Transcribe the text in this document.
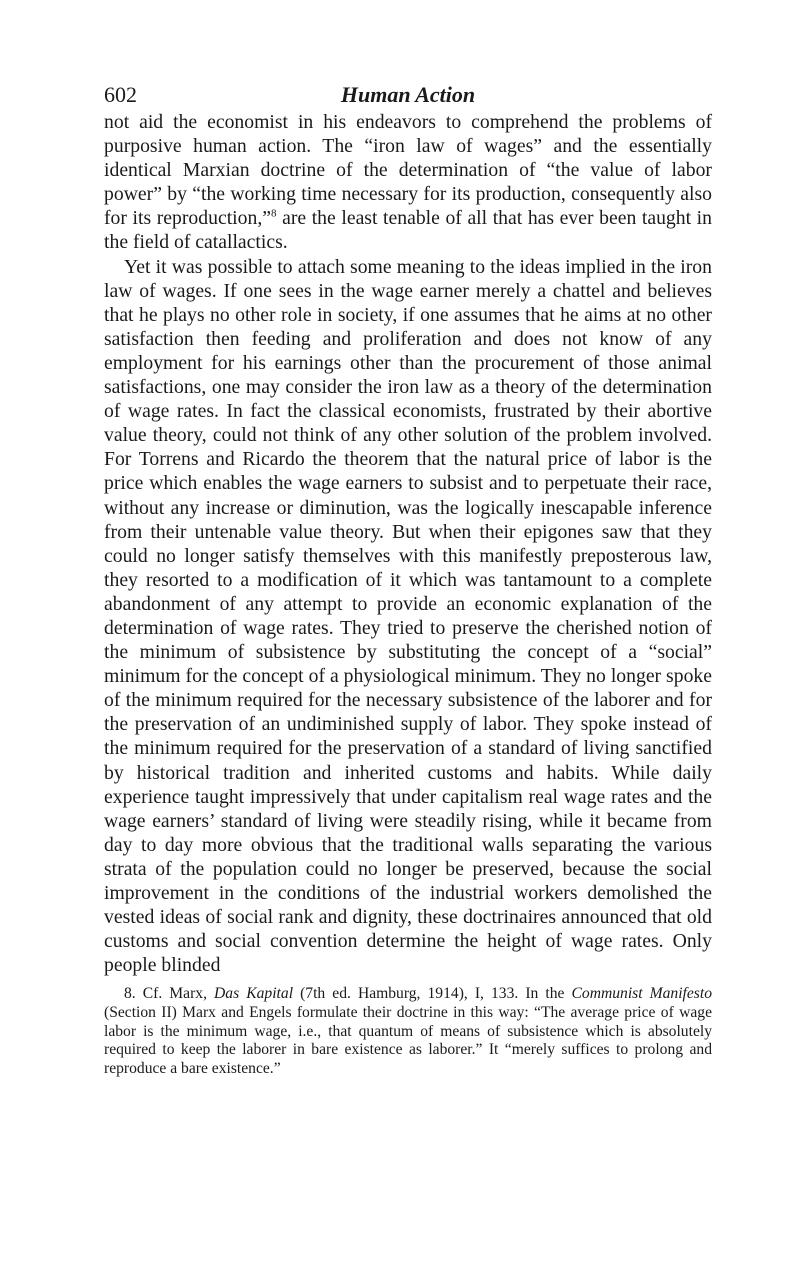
602	Human Action

not aid the economist in his endeavors to comprehend the problems of purposive human action. The “iron law of wages” and the essentially identical Marxian doctrine of the determination of “the value of labor power” by “the working time necessary for its production, consequently also for its reproduction,”$^8$ are the least tenable of all that has ever been taught in the field of catallactics.

Yet it was possible to attach some meaning to the ideas implied in the iron law of wages. If one sees in the wage earner merely a chattel and believes that he plays no other role in society, if one assumes that he aims at no other satisfaction then feeding and proliferation and does not know of any employment for his earnings other than the procurement of those animal satisfactions, one may consider the iron law as a theory of the determination of wage rates. In fact the classical economists, frustrated by their abortive value theory, could not think of any other solution of the problem involved. For Torrens and Ricardo the theorem that the natural price of labor is the price which enables the wage earners to subsist and to perpetuate their race, without any increase or diminution, was the logically inescapable inference from their untenable value theory. But when their epigones saw that they could no longer satisfy themselves with this manifestly preposterous law, they resorted to a modification of it which was tantamount to a complete abandonment of any attempt to provide an economic explanation of the determination of wage rates. They tried to preserve the cherished notion of the minimum of subsistence by substituting the concept of a “social” minimum for the concept of a physiological minimum. They no longer spoke of the minimum required for the necessary subsistence of the laborer and for the preservation of an undiminished supply of labor. They spoke instead of the minimum required for the preservation of a standard of living sanctified by historical tradition and inherited customs and habits. While daily experience taught impressively that under capitalism real wage rates and the wage earners’ standard of living were steadily rising, while it became from day to day more obvious that the traditional walls separating the various strata of the population could no longer be preserved, because the social improvement in the conditions of the industrial workers demolished the vested ideas of social rank and dignity, these doctrinaires announced that old customs and social convention determine the height of wage rates. Only people blinded

8. Cf. Marx, Das Kapital (7th ed. Hamburg, 1914), I, 133. In the Communist Manifesto (Section II) Marx and Engels formulate their doctrine in this way: “The average price of wage labor is the minimum wage, i.e., that quantum of means of subsistence which is absolutely required to keep the laborer in bare existence as laborer.” It “merely suffices to prolong and reproduce a bare existence.”
